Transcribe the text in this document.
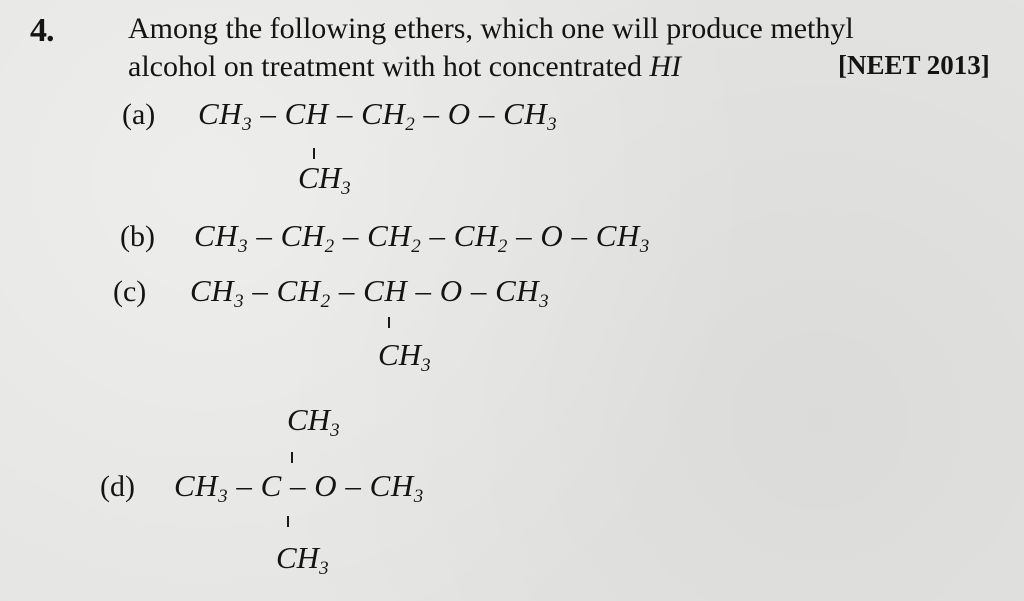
4. Among the following ethers, which one will produce methyl
alcohol on treatment with hot concentrated HI	[NEET 2013]
(a) $CH_3$ – CH – $CH_2$ – O – $CH_3$
$CH_3$
(b) $CH_3 - CH_2 - CH_2 - CH_2$ – O – $CH_3$
(c) $CH_3 - CH_2$ – CH – O – $CH_3$
$CH_3$
$CH_3$
(d) $CH_3$ – C – O – $CH_3$
$CH_3$
